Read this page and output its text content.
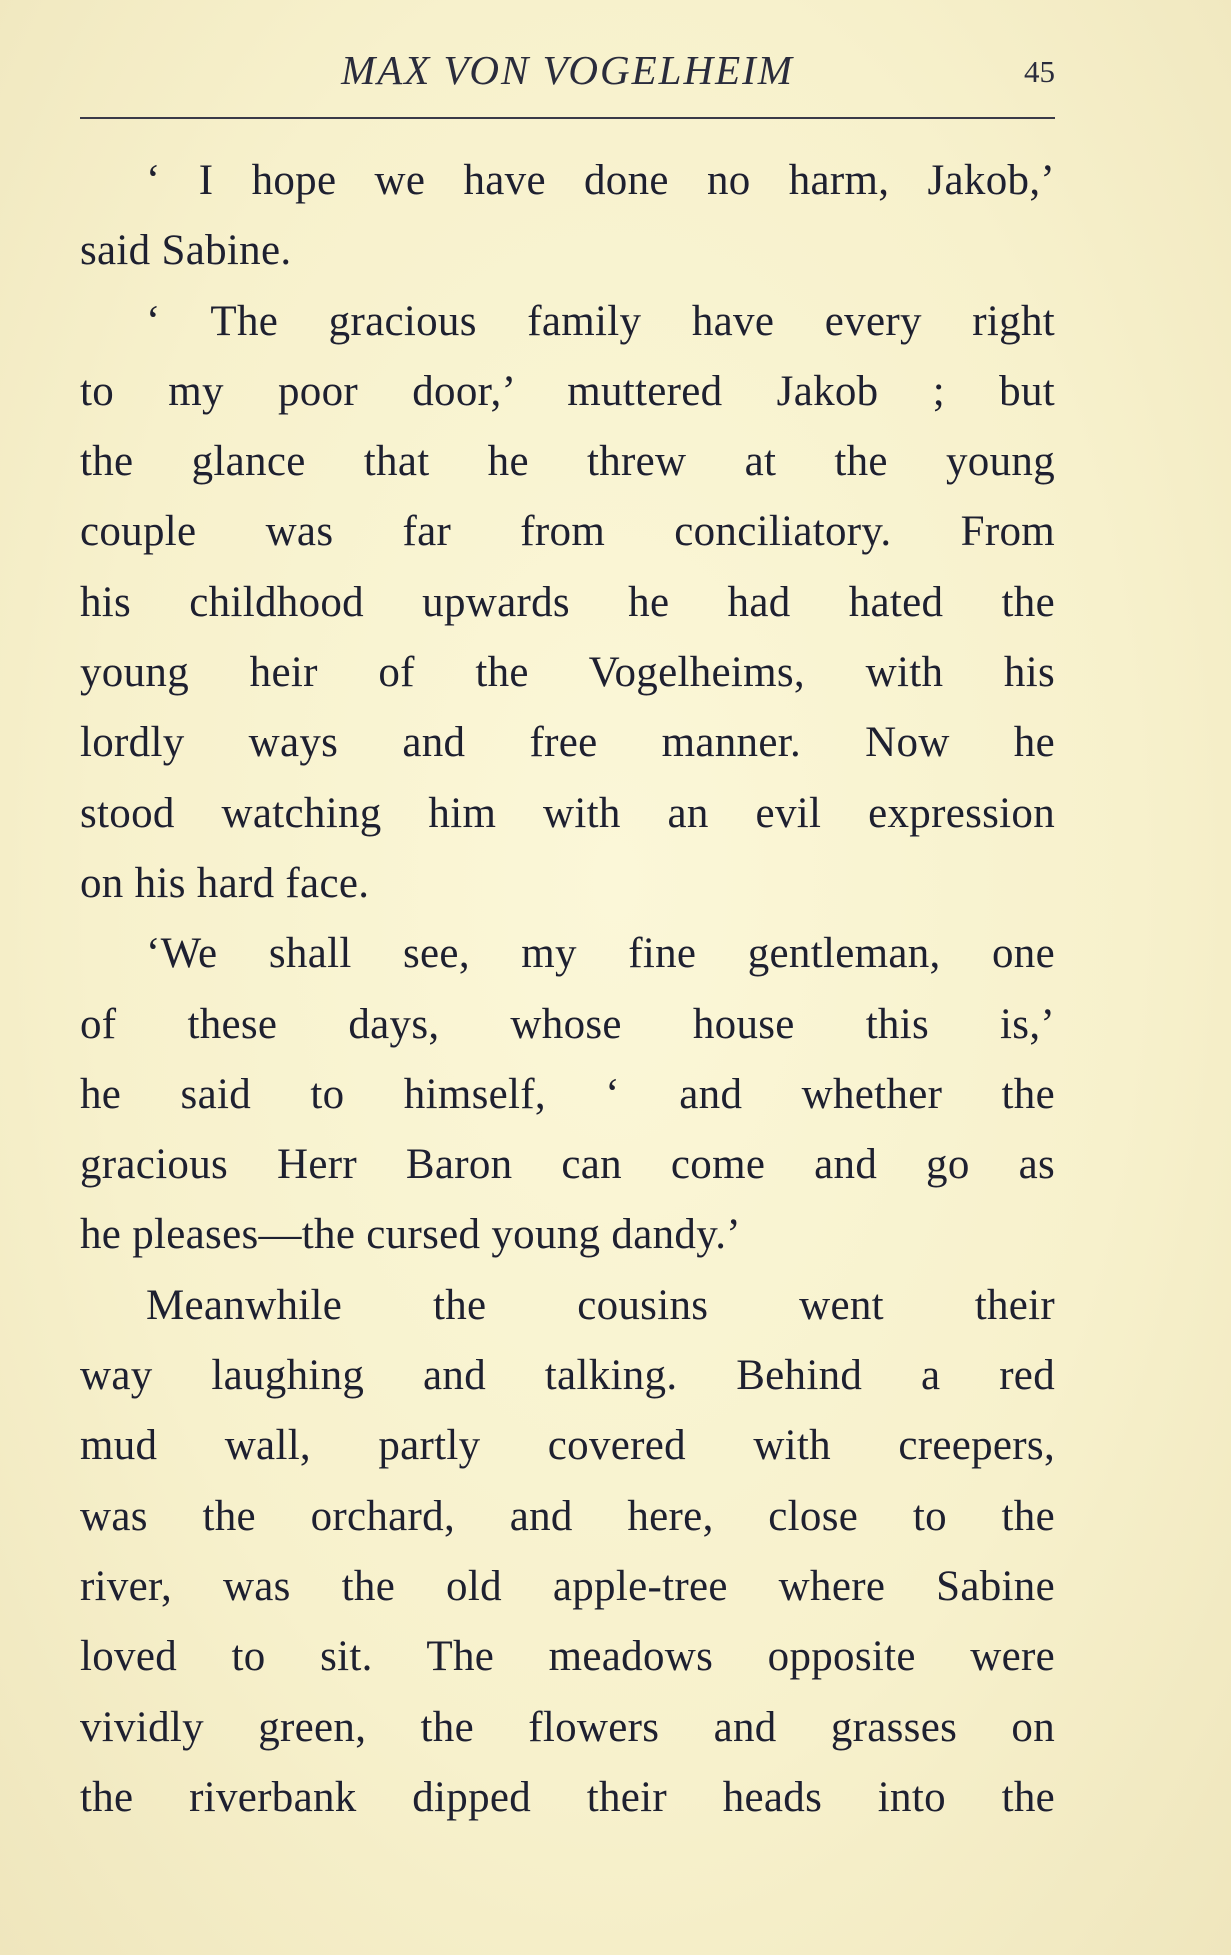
MAX VON VOGELHEIM	45
‘ I hope we have done no harm, Jakob,’
said Sabine.
‘ The gracious family have every right
to my poor door,’ muttered Jakob ; but
the glance that he threw at the young
couple was far from conciliatory. From
his childhood upwards he had hated the
young heir of the Vogelheims, with his
lordly ways and free manner. Now he
stood watching him with an evil expression
on his hard face.
‘We shall see, my fine gentleman, one
of these days, whose house this is,’
he said to himself, ‘ and whether the
gracious Herr Baron can come and go as
he pleases—the cursed young dandy.’
Meanwhile the cousins went their
way laughing and talking. Behind a red
mud wall, partly covered with creepers,
was the orchard, and here, close to the
river, was the old apple-tree where Sabine
loved to sit. The meadows opposite were
vividly green, the flowers and grasses on
the riverbank dipped their heads into the
